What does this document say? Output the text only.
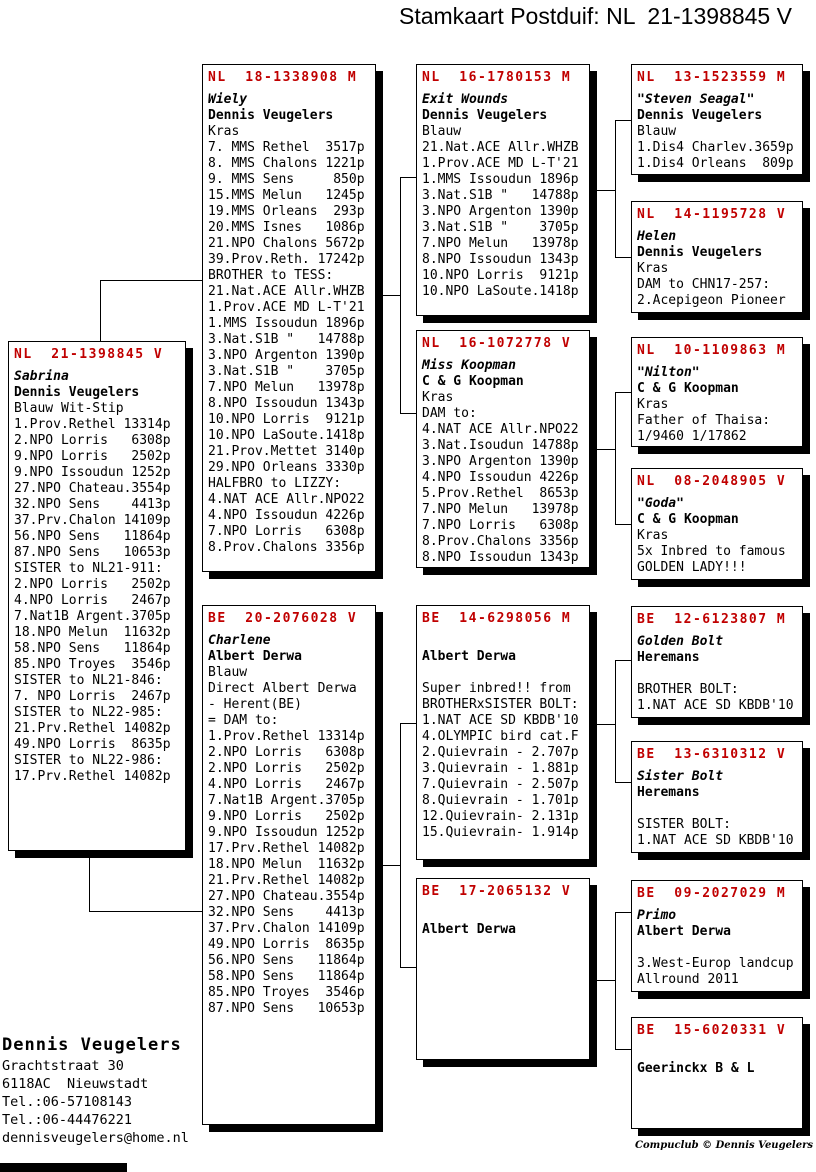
Stamkaart Postduif: NL  21-1398845 V
NL  21-1398845 V
Sabrina
Dennis Veugelers
Blauw Wit-Stip
1.Prov.Rethel 13314p
2.NPO Lorris   6308p
9.NPO Lorris   2502p
9.NPO Issoudun 1252p
27.NPO Chateau.3554p
32.NPO Sens    4413p
37.Prv.Chalon 14109p
56.NPO Sens   11864p
87.NPO Sens   10653p
SISTER to NL21-911:
2.NPO Lorris   2502p
4.NPO Lorris   2467p
7.Nat1B Argent.3705p
18.NPO Melun  11632p
58.NPO Sens   11864p
85.NPO Troyes  3546p
SISTER to NL21-846:
7. NPO Lorris  2467p
SISTER to NL22-985:
21.Prv.Rethel 14082p
49.NPO Lorris  8635p
SISTER to NL22-986:
17.Prv.Rethel 14082p
NL  18-1338908 M
Wiely
Dennis Veugelers
Kras
7. MMS Rethel  3517p
8. MMS Chalons 1221p
9. MMS Sens     850p
15.MMS Melun   1245p
19.MMS Orleans  293p
20.MMS Isnes   1086p
21.NPO Chalons 5672p
39.Prov.Reth. 17242p
BROTHER to TESS:
21.Nat.ACE Allr.WHZB
1.Prov.ACE MD L-T'21
1.MMS Issoudun 1896p
3.Nat.S1B "   14788p
3.NPO Argenton 1390p
3.Nat.S1B "    3705p
7.NPO Melun   13978p
8.NPO Issoudun 1343p
10.NPO Lorris  9121p
10.NPO LaSoute.1418p
21.Prov.Mettet 3140p
29.NPO Orleans 3330p
HALFBRO to LIZZY:
4.NAT ACE Allr.NPO22
4.NPO Issoudun 4226p
7.NPO Lorris   6308p
8.Prov.Chalons 3356p
BE  20-2076028 V
Charlene
Albert Derwa
Blauw
Direct Albert Derwa
- Herent(BE)
= DAM to:
1.Prov.Rethel 13314p
2.NPO Lorris   6308p
2.NPO Lorris   2502p
4.NPO Lorris   2467p
7.Nat1B Argent.3705p
9.NPO Lorris   2502p
9.NPO Issoudun 1252p
17.Prv.Rethel 14082p
18.NPO Melun  11632p
21.Prv.Rethel 14082p
27.NPO Chateau.3554p
32.NPO Sens    4413p
37.Prv.Chalon 14109p
49.NPO Lorris  8635p
56.NPO Sens   11864p
58.NPO Sens   11864p
85.NPO Troyes  3546p
87.NPO Sens   10653p
NL  16-1780153 M
Exit Wounds
Dennis Veugelers
Blauw
21.Nat.ACE Allr.WHZB
1.Prov.ACE MD L-T'21
1.MMS Issoudun 1896p
3.Nat.S1B "   14788p
3.NPO Argenton 1390p
3.Nat.S1B "    3705p
7.NPO Melun   13978p
8.NPO Issoudun 1343p
10.NPO Lorris  9121p
10.NPO LaSoute.1418p
NL  16-1072778 V
Miss Koopman
C & G Koopman
Kras
DAM to:
4.NAT ACE Allr.NPO22
3.Nat.Isoudun 14788p
3.NPO Argenton 1390p
4.NPO Issoudun 4226p
5.Prov.Rethel  8653p
7.NPO Melun   13978p
7.NPO Lorris   6308p
8.Prov.Chalons 3356p
8.NPO Issoudun 1343p
BE  14-6298056 M
Albert Derwa
Super inbred!! from
BROTHERxSISTER BOLT:
1.NAT ACE SD KBDB'10
4.OLYMPIC bird cat.F
2.Quievrain - 2.707p
3.Quievrain - 1.881p
7.Quievrain - 2.507p
8.Quievrain - 1.701p
12.Quievrain- 2.131p
15.Quievrain- 1.914p
BE  17-2065132 V
Albert Derwa
NL  13-1523559 M
"Steven Seagal"
Dennis Veugelers
Blauw
1.Dis4 Charlev.3659p
1.Dis4 Orleans  809p
NL  14-1195728 V
Helen
Dennis Veugelers
Kras
DAM to CHN17-257:
2.Acepigeon Pioneer
NL  10-1109863 M
"Nilton"
C & G Koopman
Kras
Father of Thaisa:
1/9460 1/17862
NL  08-2048905 V
"Goda"
C & G Koopman
Kras
5x Inbred to famous
GOLDEN LADY!!!
BE  12-6123807 M
Golden Bolt
Heremans
BROTHER BOLT:
1.NAT ACE SD KBDB'10
BE  13-6310312 V
Sister Bolt
Heremans
SISTER BOLT:
1.NAT ACE SD KBDB'10
BE  09-2027029 M
Primo
Albert Derwa
3.West-Europ landcup
Allround 2011
BE  15-6020331 V
Geerinckx B & L
Dennis Veugelers
Grachtstraat 30
6118AC  Nieuwstadt
Tel.:06-57108143
Tel.:06-44476221
dennisveugelers@home.nl	Compuclub © Dennis Veugelers
